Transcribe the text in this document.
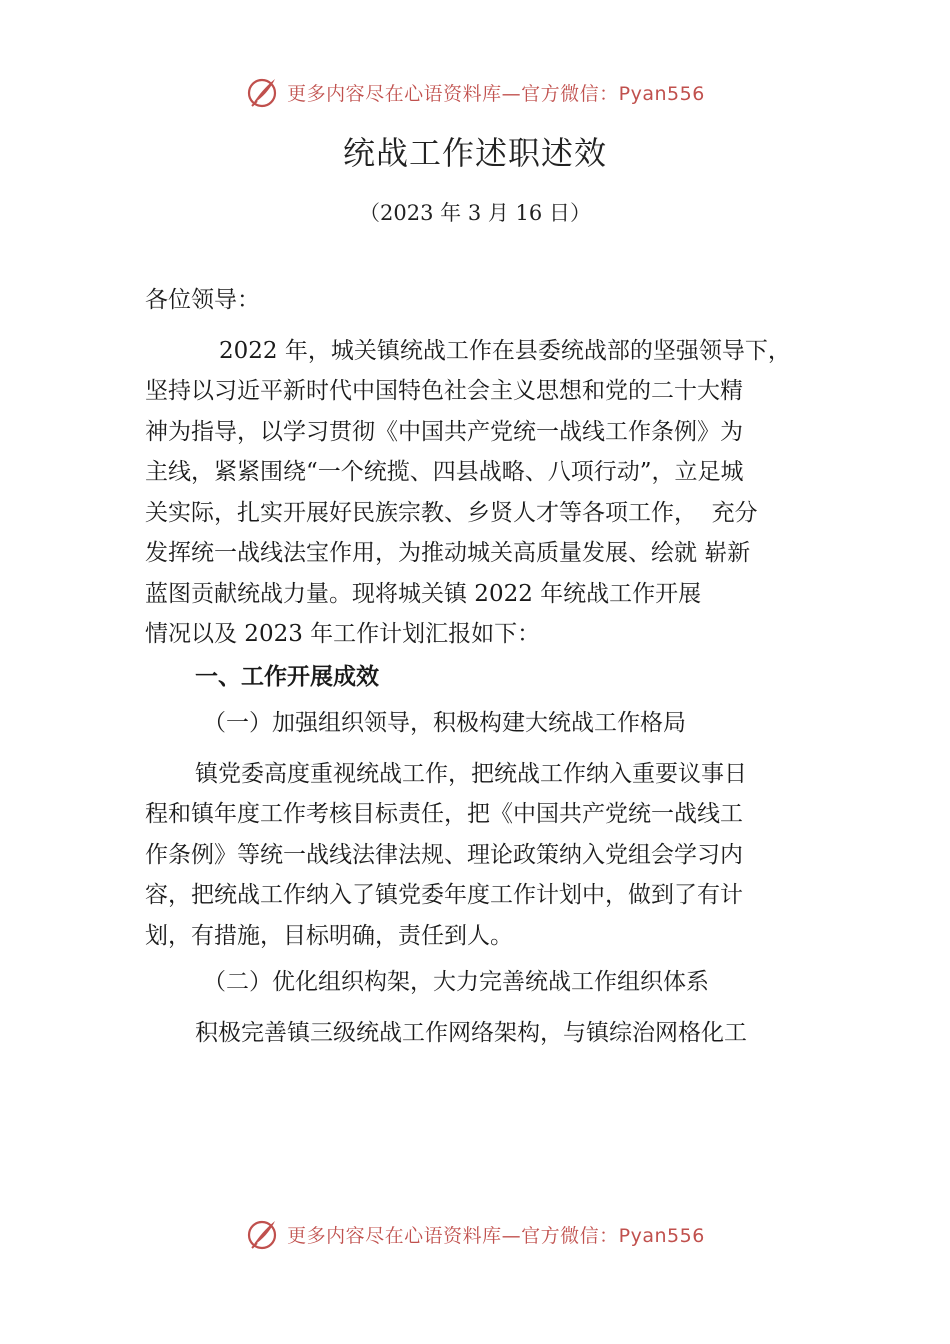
更多内容尽在心语资料库—官方微信：Pyan556
统战工作述职述效
（2023 年 3 月 16 日）

各位领导：

2022 年，城关镇统战工作在县委统战部的坚强领导下，
坚持以习近平新时代中国特色社会主义思想和党的二十大精
神为指导，以学习贯彻《中国共产党统一战线工作条例》为
主线，紧紧围绕“一个统揽、四县战略、八项行动”，立足城
关实际，扎实开展好民族宗教、乡贤人才等各项工作，  充分
发挥统一战线法宝作用，为推动城关高质量发展、绘就 崭新
蓝图贡献统战力量。现将城关镇 2022 年统战工作开展
情况以及 2023 年工作计划汇报如下：

一、工作开展成效

（一）加强组织领导，积极构建大统战工作格局

镇党委高度重视统战工作，把统战工作纳入重要议事日
程和镇年度工作考核目标责任，把《中国共产党统一战线工
作条例》等统一战线法律法规、理论政策纳入党组会学习内
容，把统战工作纳入了镇党委年度工作计划中，做到了有计
划，有措施，目标明确，责任到人。

（二）优化组织构架，大力完善统战工作组织体系

积极完善镇三级统战工作网络架构，与镇综治网格化工
更多内容尽在心语资料库—官方微信：Pyan556
